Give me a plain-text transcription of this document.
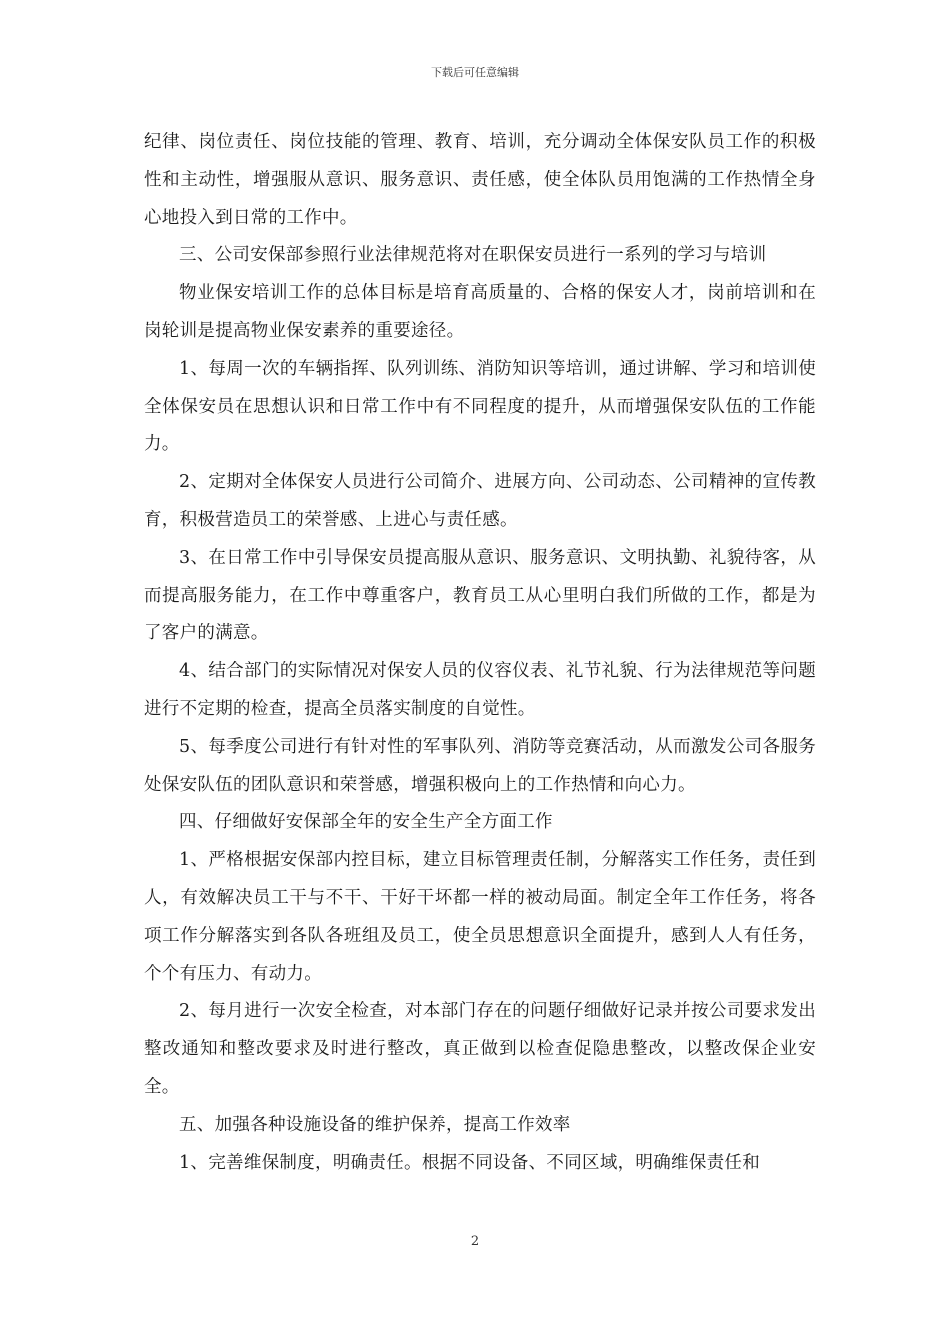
下载后可任意编辑

纪律、岗位责任、岗位技能的管理、教育、培训，充分调动全体保安队员工作的积极性和主动性，增强服从意识、服务意识、责任感，使全体队员用饱满的工作热情全身心地投入到日常的工作中。

三、公司安保部参照行业法律规范将对在职保安员进行一系列的学习与培训

物业保安培训工作的总体目标是培育高质量的、合格的保安人才，岗前培训和在岗轮训是提高物业保安素养的重要途径。

1、每周一次的车辆指挥、队列训练、消防知识等培训，通过讲解、学习和培训使全体保安员在思想认识和日常工作中有不同程度的提升，从而增强保安队伍的工作能力。

2、定期对全体保安人员进行公司简介、进展方向、公司动态、公司精神的宣传教育，积极营造员工的荣誉感、上进心与责任感。

3、在日常工作中引导保安员提高服从意识、服务意识、文明执勤、礼貌待客，从而提高服务能力，在工作中尊重客户，教育员工从心里明白我们所做的工作，都是为了客户的满意。

4、结合部门的实际情况对保安人员的仪容仪表、礼节礼貌、行为法律规范等问题进行不定期的检查，提高全员落实制度的自觉性。

5、每季度公司进行有针对性的军事队列、消防等竞赛活动，从而激发公司各服务处保安队伍的团队意识和荣誉感，增强积极向上的工作热情和向心力。

四、仔细做好安保部全年的安全生产全方面工作

1、严格根据安保部内控目标，建立目标管理责任制，分解落实工作任务，责任到人，有效解决员工干与不干、干好干坏都一样的被动局面。制定全年工作任务，将各项工作分解落实到各队各班组及员工，使全员思想意识全面提升，感到人人有任务，个个有压力、有动力。

2、每月进行一次安全检查，对本部门存在的问题仔细做好记录并按公司要求发出整改通知和整改要求及时进行整改，真正做到以检查促隐患整改，以整改保企业安全。

五、加强各种设施设备的维护保养，提高工作效率

1、完善维保制度，明确责任。根据不同设备、不同区域，明确维保责任和

2
